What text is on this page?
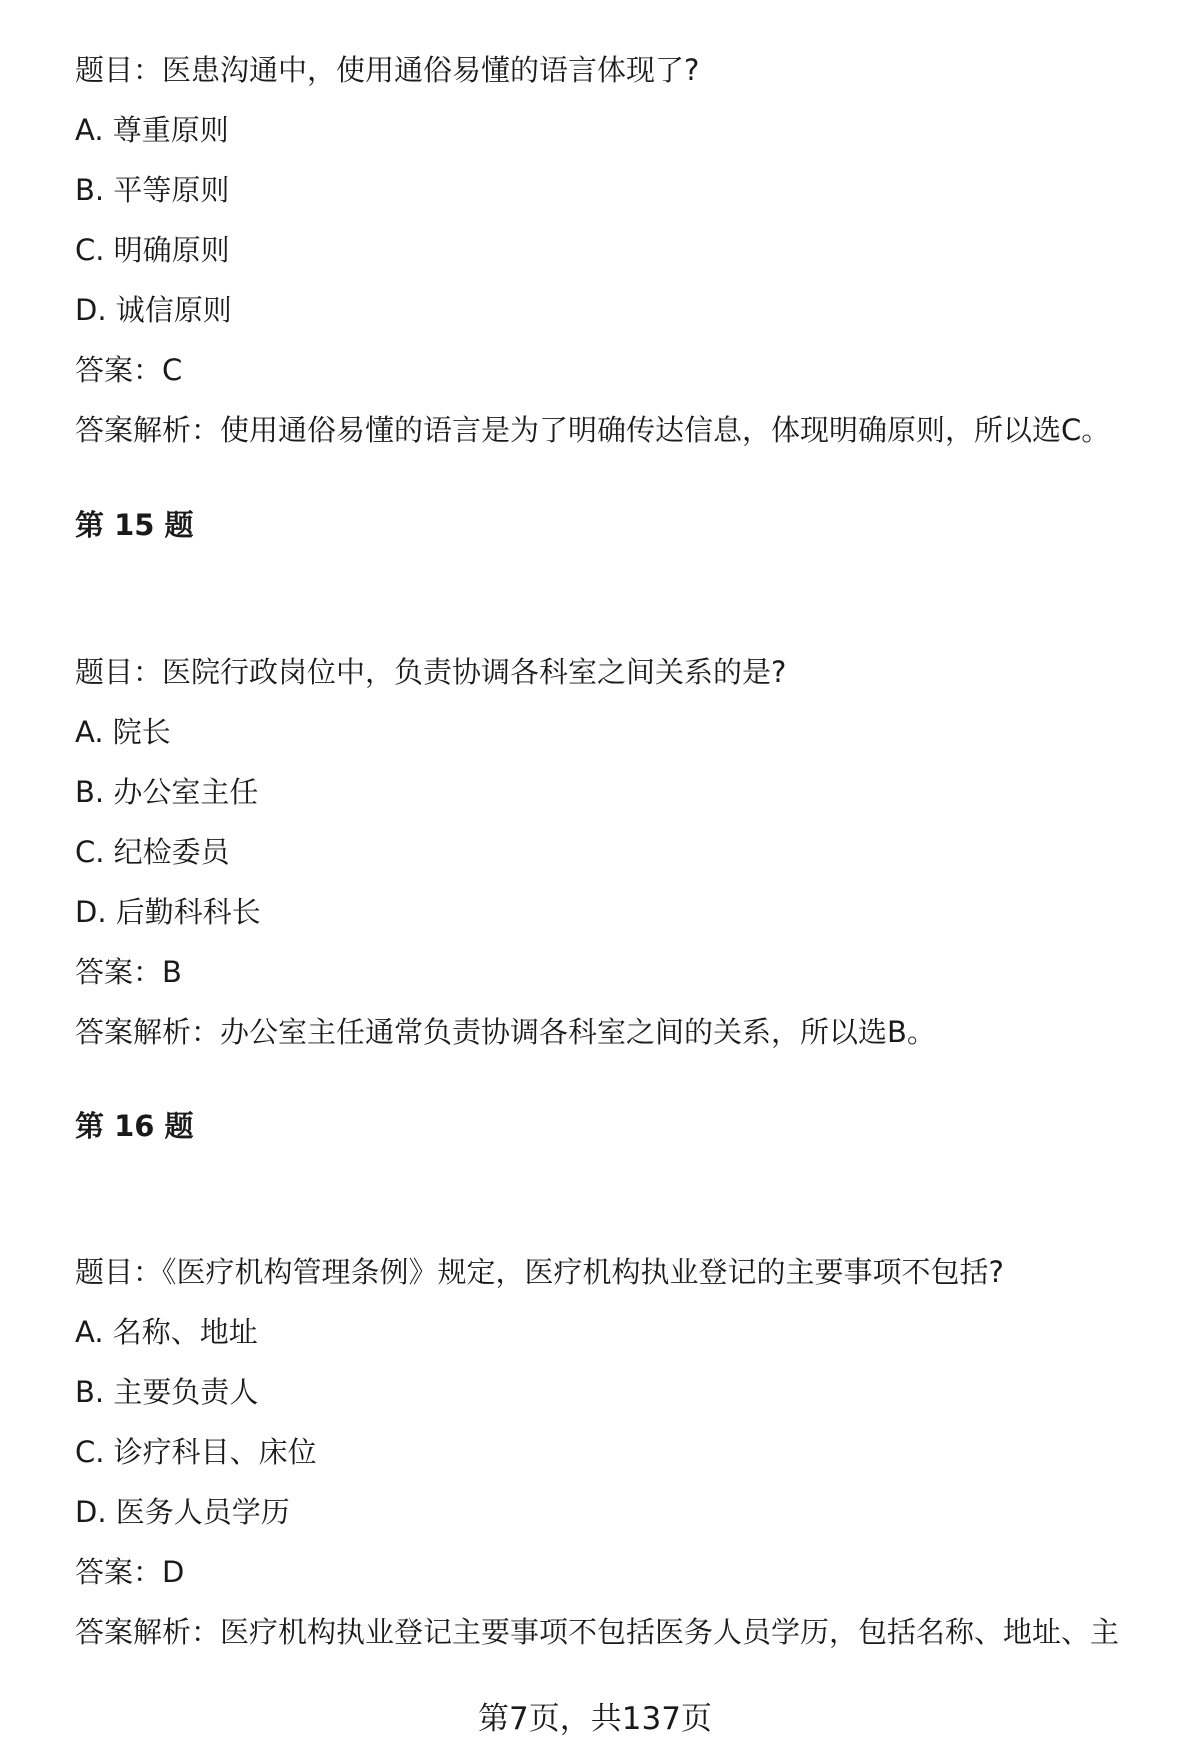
题目：医患沟通中，使用通俗易懂的语言体现了?
A. 尊重原则
B. 平等原则
C. 明确原则
D. 诚信原则
答案：C
答案解析：使用通俗易懂的语言是为了明确传达信息，体现明确原则，所以选C。
第 15 题
题目：医院行政岗位中，负责协调各科室之间关系的是?
A. 院长
B. 办公室主任
C. 纪检委员
D. 后勤科科长
答案：B
答案解析：办公室主任通常负责协调各科室之间的关系，所以选B。
第 16 题
题目：《医疗机构管理条例》规定，医疗机构执业登记的主要事项不包括?
A. 名称、地址
B. 主要负责人
C. 诊疗科目、床位
D. 医务人员学历
答案：D
答案解析：医疗机构执业登记主要事项不包括医务人员学历，包括名称、地址、主
第7页，共137页
